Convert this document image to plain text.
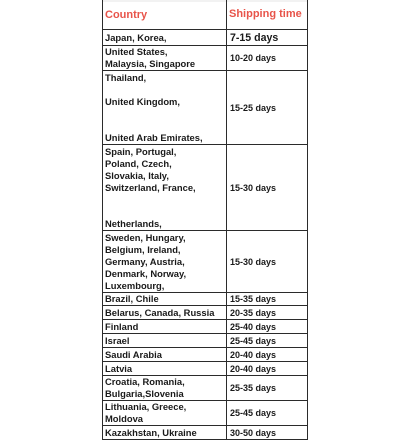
Country	Shipping time
Japan, Korea,	7-15 days
United States,
Malaysia, Singapore	10-20 days
Thailand,

United Kingdom,

United Arab Emirates,	15-25 days
Spain, Portugal,
Poland, Czech,
Slovakia, Italy,
Switzerland, France,

Netherlands,	15-30 days
Sweden, Hungary,
Belgium, Ireland,
Germany, Austria,
Denmark, Norway,
Luxembourg,	15-30 days
Brazil, Chile	15-35 days
Belarus, Canada, Russia	20-35 days
Finland	25-40 days
Israel	25-45 days
Saudi Arabia	20-40 days
Latvia	20-40 days
Croatia, Romania,
Bulgaria,Slovenia	25-35 days
Lithuania, Greece,
Moldova	25-45 days
Kazakhstan, Ukraine	30-50 days
